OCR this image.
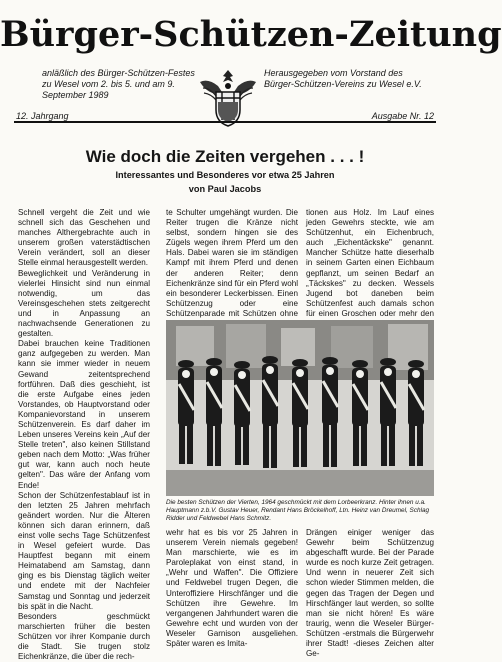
Bürger-Schützen-Zeitung
anläßlich des Bürger-Schützen-Festes zu Wesel vom 2. bis 5. und am 9. September 1989
Herausgegeben vom Vorstand des Bürger-Schützen-Vereins zu Wesel e.V.
12. Jahrgang	Ausgabe Nr. 12
Wie doch die Zeiten vergehen . . . !
Interessantes und Besonderes vor etwa 25 Jahren
von Paul Jacobs

Schnell vergeht die Zeit und wie schnell sich das Geschehen und manches Althergebrachte auch in unserem großen vaterstädtischen Verein verändert, soll an dieser Stelle einmal herausgestellt werden.

Beweglichkeit und Veränderung in vielerlei Hinsicht sind nun einmal notwendig, um das Vereinsgeschehen stets zeitgerecht und in Anpassung an nachwachsende Generationen zu gestalten.

Dabei brauchen keine Traditionen ganz aufgegeben zu werden. Man kann sie immer wieder in neuem Gewand zeitentsprechend fortführen. Daß dies geschieht, ist die erste Aufgabe eines jeden Vorstandes, ob Hauptvorstand oder Kompanievorstand in unserem Schützenverein. Es darf daher im Leben unseres Vereins kein „Auf der Stelle treten", also keinen Stillstand geben nach dem Motto: „Was früher gut war, kann auch noch heute gelten". Das wäre der Anfang vom Ende!

Schon der Schützenfestablauf ist in den letzten 25 Jahren mehrfach geändert worden. Nur die Älteren können sich daran erinnern, daß einst volle sechs Tage Schützenfest in Wesel gefeiert wurde. Das Hauptfest begann mit einem Heimatabend am Samstag, dann ging es bis Dienstag täglich weiter und endete mit der Nachfeier Samstag und Sonntag und jederzeit bis spät in die Nacht.

Besonders geschmückt marschierten früher die besten Schützen vor ihrer Kompanie durch die Stadt. Sie trugen stolz Eichenkränze, die über die rech-

te Schulter umgehängt wurden. Die Reiter trugen die Kränze nicht selbst, sondern hingen sie des Zügels wegen ihrem Pferd um den Hals. Dabei waren sie im ständigen Kampf mit ihrem Pferd und denen der anderen Reiter; denn Eichenkränze sind für ein Pferd wohl ein besonderer Leckerbissen. Einen Schützenzug oder eine Schützenparade mit Schützen ohne

tionen aus Holz. Im Lauf eines jeden Gewehrs steckte, wie am Schützenhut, ein Eichenbruch, auch „Eichentäckske" genannt. Mancher Schütze hatte dieserhalb in seinem Garten einen Eichbaum gepflanzt, um seinen Bedarf an „Täckskes" zu decken. Wessels Jugend bot daneben beim Schützenfest auch damals schon für einen Groschen oder mehr den

Die besten Schützen der Vierten, 1964 geschmückt mit dem Lorbeerkranz. Hinter ihnen u.a. Hauptmann z.b.V. Gustav Heuer, Rendant Hans Bröckelhoff, Ltn. Heinz van Dreumel, Schlag Ridder und Feldwebel Hans Schmitz.

wehr hat es bis vor 25 Jahren in unserem Verein niemals gegeben! Man marschierte, wie es im Paroleplakat von einst stand, in „Wehr und Waffen". Die Offiziere und Feldwebel trugen Degen, die Unteroffiziere Hirschfänger und die Schützen ihre Gewehre. Im vergangenen Jahrhundert waren die Gewehre echt und wurden von der Weseler Garnison ausgeliehen. Später waren es Imita-

Drängen einiger weniger das Gewehr beim Schützenzug abgeschafft wurde. Bei der Parade wurde es noch kurze Zeit getragen. Und wenn in neuerer Zeit sich schon wieder Stimmen melden, die gegen das Tragen der Degen und Hirschfänger laut werden, so sollte man sie nicht hören! Es wäre traurig, wenn die Weseler Bürger-Schützen -erstmals die Bürgerwehr ihrer Stadt! -dieses Zeichen alter Ge-
